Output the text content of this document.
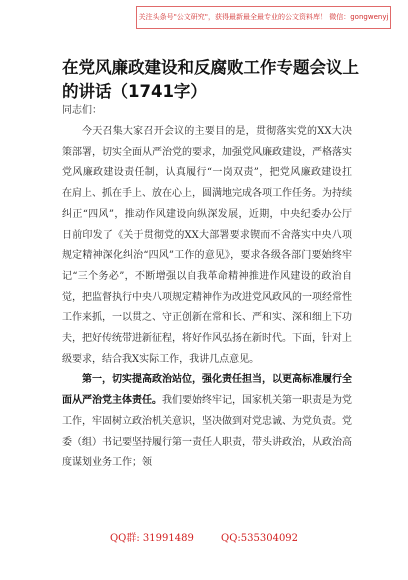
关注头条号"公文研究"，获得最新最全最专业的公文资料库！ 微信：gongwenyj
在党风廉政建设和反腐败工作专题会议上的讲话（1741字）
同志们：

今天召集大家召开会议的主要目的是，贯彻落实党的XX大决策部署，切实全面从严治党的要求，加强党风廉政建设，严格落实党风廉政建设责任制，认真履行“一岗双责”，把党风廉政建设扛在肩上、抓在手上、放在心上，圆满地完成各项工作任务。为持续纠正“四风”，推动作风建设向纵深发展，近期，中央纪委办公厅日前印发了《关于贯彻党的XX大部署要求锲而不舍落实中央八项规定精神深化纠治“四风”工作的意见》，要求各级各部门要始终牢记“三个务必”，不断增强以自我革命精神推进作风建设的政治自觉，把监督执行中央八项规定精神作为改进党风政风的一项经常性工作来抓，一以贯之、守正创新在常和长、严和实、深和细上下功夫，把好传统带进新征程，将好作风弘扬在新时代。下面，针对上级要求，结合我X实际工作，我讲几点意见。

第一，切实提高政治站位，强化责任担当，以更高标准履行全面从严治党主体责任。我们要始终牢记，国家机关第一职责是为党工作，牢固树立政治机关意识，坚决做到对党忠诚、为党负责。党委（组）书记要坚持履行第一责任人职责，带头讲政治，从政治高度谋划业务工作；领

QQ群: 31991489	QQ:535304092
